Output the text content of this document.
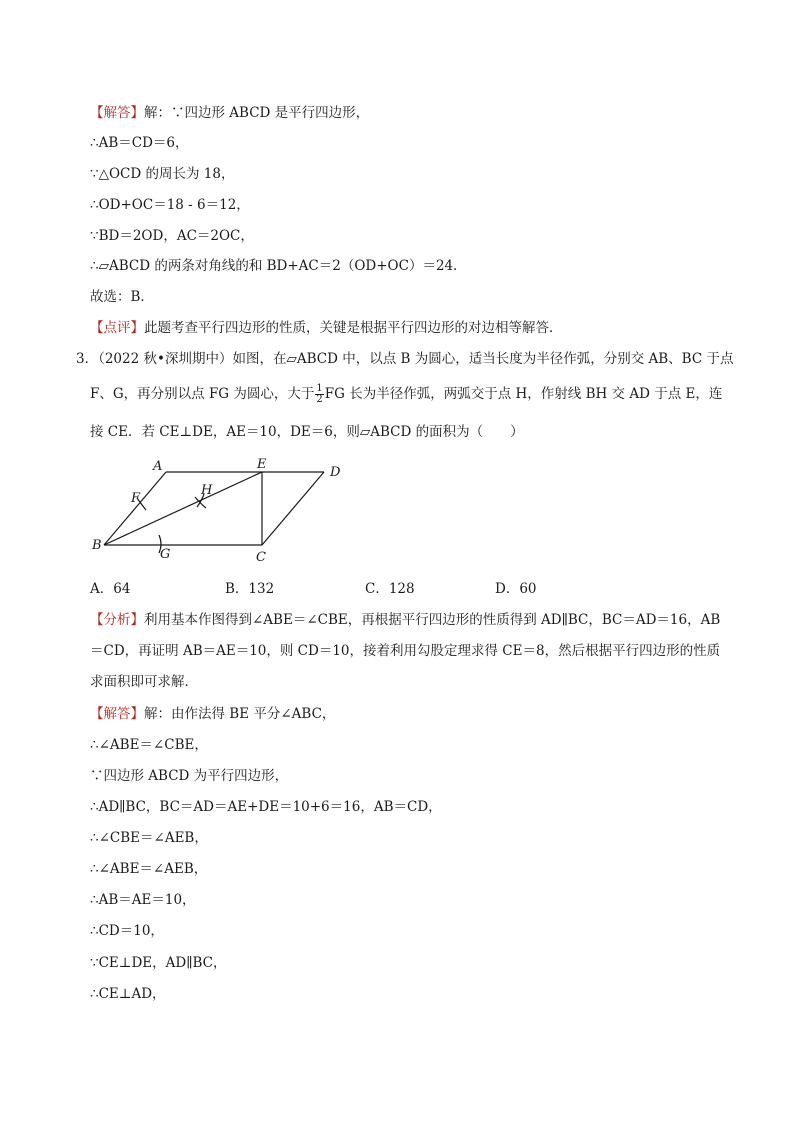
【解答】解：∵四边形 ABCD 是平行四边形，
∴AB＝CD＝6，
∵△OCD 的周长为 18，
∴OD+OC＝18 - 6＝12，
∵BD＝2OD，AC＝2OC，
∴▱ABCD 的两条对角线的和 BD+AC＝2（OD+OC）＝24．
故选：B．
【点评】此题考查平行四边形的性质，关键是根据平行四边形的对边相等解答．
3．（2022 秋•深圳期中）如图，在▱ABCD 中，以点 B 为圆心，适当长度为半径作弧，分别交 AB、BC 于点
F、G，再分别以点 FG 为圆心，大于 $\frac{1}{2}$ FG 长为半径作弧，两弧交于点 H，作射线 BH 交 AD 于点 E，连
接 CE．若 CE⊥DE，AE＝10，DE＝6，则▱ABCD 的面积为（　　）
A	E
D
F
H
B
G	C
A．64	B．132	C．128	D．60
【分析】利用基本作图得到∠ABE＝∠CBE，再根据平行四边形的性质得到 AD∥BC，BC＝AD＝16，AB
＝CD，再证明 AB＝AE＝10，则 CD＝10，接着利用勾股定理求得 CE＝8，然后根据平行四边形的性质
求面积即可求解．
【解答】解：由作法得 BE 平分∠ABC，
∴∠ABE＝∠CBE，
∵四边形 ABCD 为平行四边形，
∴AD∥BC，BC＝AD＝AE+DE＝10+6＝16，AB＝CD，
∴∠CBE＝∠AEB，
∴∠ABE＝∠AEB，
∴AB＝AE＝10，
∴CD＝10，
∵CE⊥DE，AD∥BC，
∴CE⊥AD，
